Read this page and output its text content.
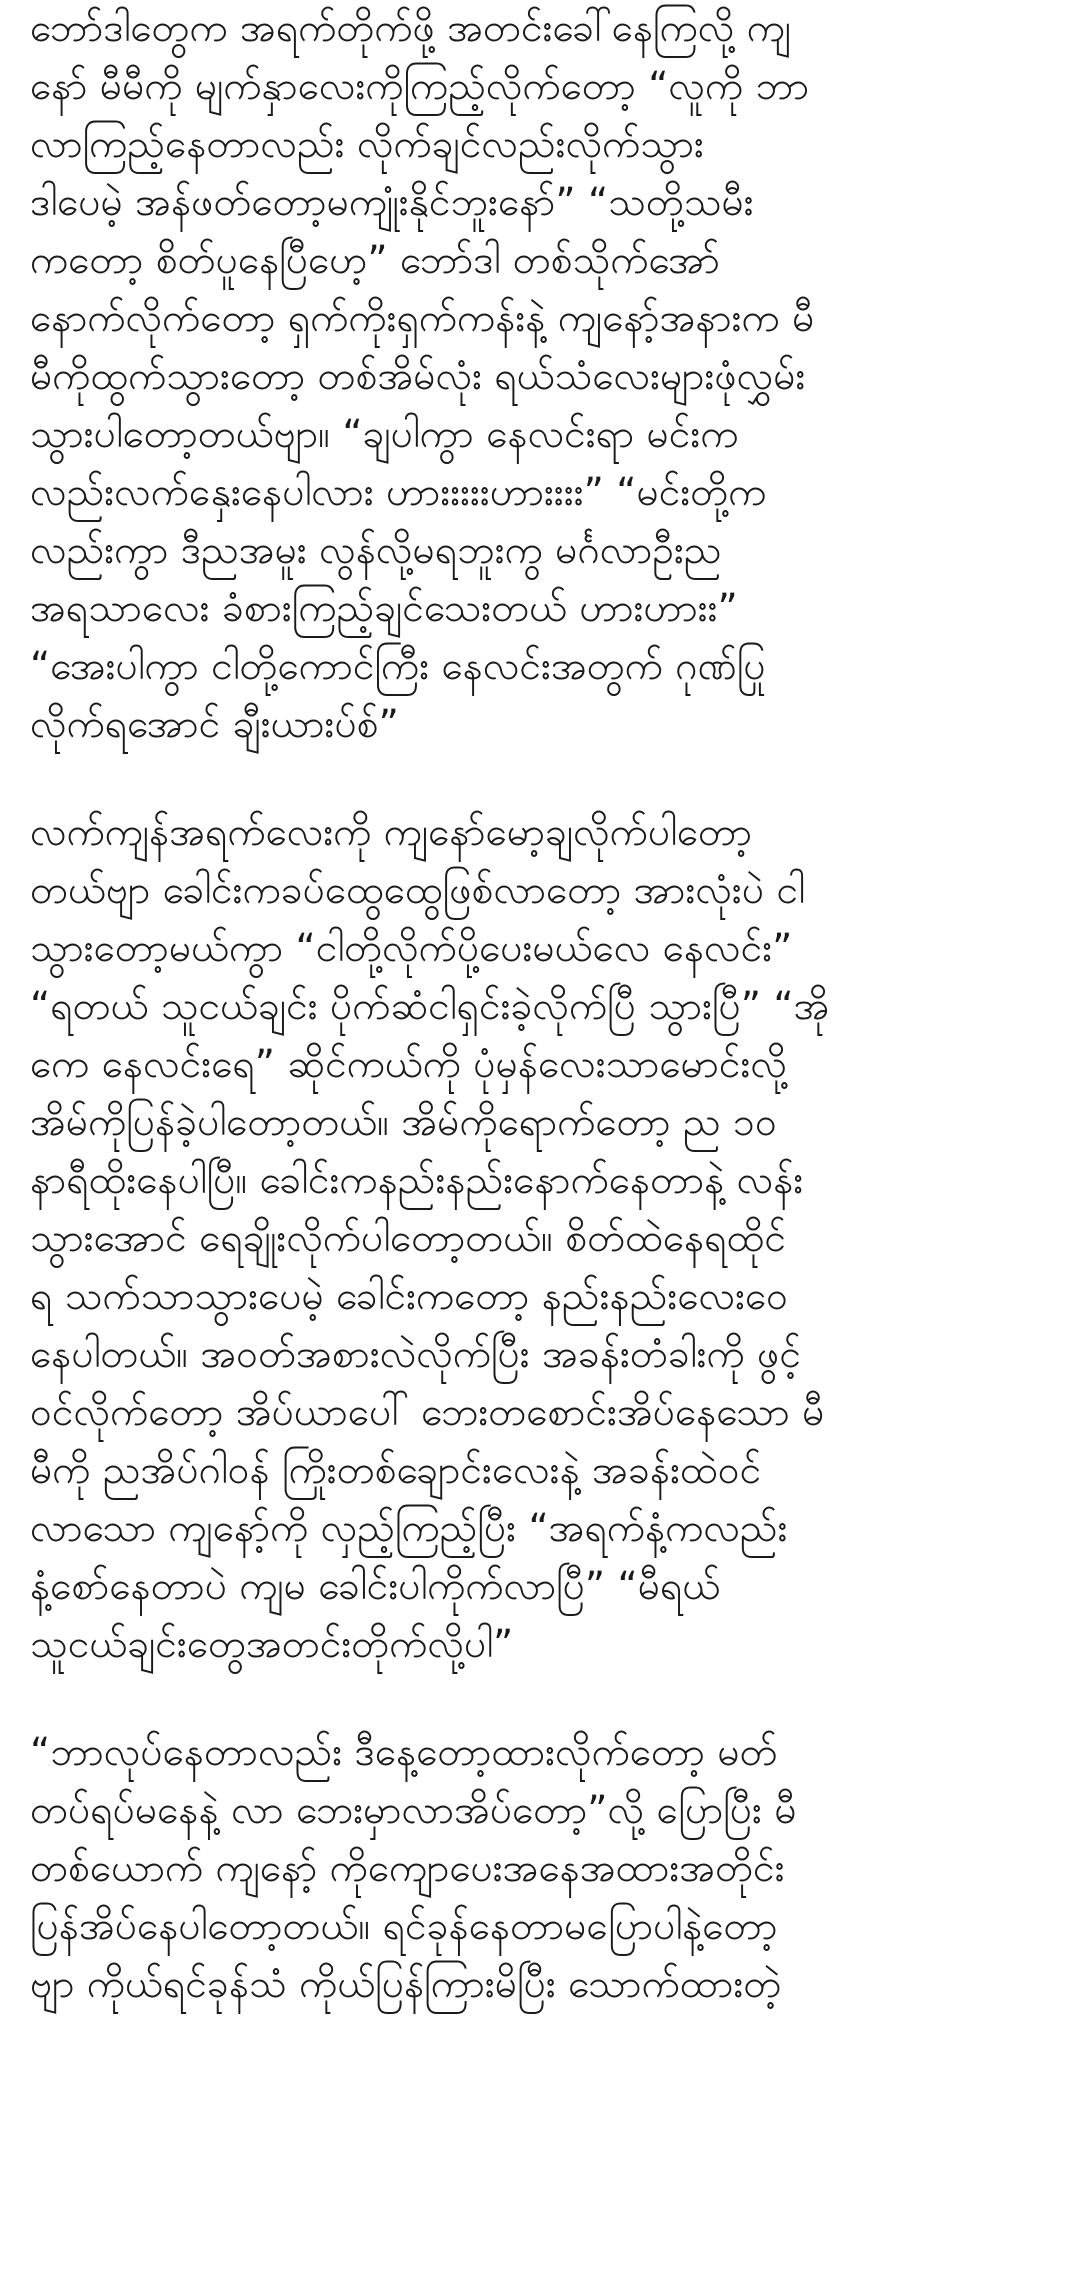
ဘော်ဒါတွေက အရက်တိုက်ဖို့ အတင်းခေါ်နေကြလို့ ကျ
နော် မီမီကို မျက်နှာလေးကိုကြည့်လိုက်တော့ “လူကို ဘာ
လာကြည့်နေတာလည်း လိုက်ချင်လည်းလိုက်သွား
ဒါပေမဲ့ အန်ဖတ်တော့မကျုံးနိုင်ဘူးနော်” “သတို့သမီး
ကတော့ စိတ်ပူနေပြီဟေ့” ဘော်ဒါ တစ်သိုက်အော်
နောက်လိုက်တော့ ရှက်ကိုးရှက်ကန်းနဲ့ ကျနော့်အနားက မီ
မီကိုထွက်သွားတော့ တစ်အိမ်လုံး ရယ်သံလေးများဖုံလွှမ်း
သွားပါတော့တယ်ဗျာ။ “ချပါကွာ နေလင်းရာ မင်းက
လည်းလက်နှေးနေပါလား ဟားးးးးဟားးးး” “မင်းတို့က
လည်းကွာ ဒီညအမူး လွန်လို့မရဘူးကွ မင်္ဂလာဦးည
အရသာလေး ခံစားကြည့်ချင်သေးတယ် ဟားဟားး”
“အေးပါကွာ ငါတို့ကောင်ကြီး နေလင်းအတွက် ဂုဏ်ပြု
လိုက်ရအောင် ချီးယားပ်စ်”
လက်ကျန်အရက်လေးကို ကျနော်မော့ချလိုက်ပါတော့
တယ်ဗျာ ခေါင်းကခပ်ထွေထွေဖြစ်လာတော့ အားလုံးပဲ ငါ
သွားတော့မယ်ကွာ “ငါတို့လိုက်ပို့ပေးမယ်လေ နေလင်း”
“ရတယ် သူငယ်ချင်း ပိုက်ဆံငါရှင်းခဲ့လိုက်ပြီ သွားပြီ” “အို
ကေ နေလင်းရေ” ဆိုင်ကယ်ကို ပုံမှန်လေးသာမောင်းလို့
အိမ်ကိုပြန်ခဲ့ပါတော့တယ်။ အိမ်ကိုရောက်တော့ ည ၁၀
နာရီထိုးနေပါပြီ။ ခေါင်းကနည်းနည်းနောက်နေတာနဲ့ လန်း
သွားအောင် ရေချိုးလိုက်ပါတော့တယ်။ စိတ်ထဲနေရထိုင်
ရ သက်သာသွားပေမဲ့ ခေါင်းကတော့ နည်းနည်းလေးဝေ
နေပါတယ်။ အဝတ်အစားလဲလိုက်ပြီး အခန်းတံခါးကို ဖွင့်
ဝင်လိုက်တော့ အိပ်ယာပေါ် ဘေးတစောင်းအိပ်နေသော မီ
မီကို ညအိပ်ဂါဝန် ကြိုးတစ်ချောင်းလေးနဲ့ အခန်းထဲဝင်
လာသော ကျနော့်ကို လှည့်ကြည့်ပြီး “အရက်နံ့ကလည်း
နံ့စော်နေတာပဲ ကျမ ခေါင်းပါကိုက်လာပြီ” “မီရယ်
သူငယ်ချင်းတွေအတင်းတိုက်လို့ပါ”
“ဘာလုပ်နေတာလည်း ဒီနေ့တော့ထားလိုက်တော့ မတ်
တပ်ရပ်မနေနဲ့ လာ ဘေးမှာလာအိပ်တော့”လို့ ပြောပြီး မီ
တစ်ယောက် ကျနော့် ကိုကျောပေးအနေအထားအတိုင်း
ပြန်အိပ်နေပါတော့တယ်။ ရင်ခုန်နေတာမပြောပါနဲ့တော့
ဗျာ ကိုယ်ရင်ခုန်သံ ကိုယ်ပြန်ကြားမိပြီး သောက်ထားတဲ့
